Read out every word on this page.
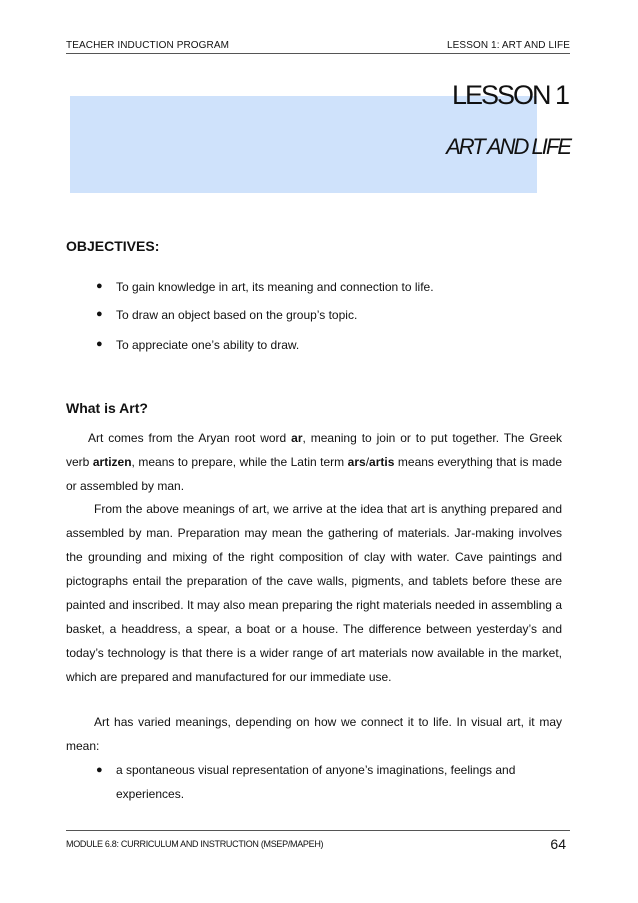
TEACHER INDUCTION PROGRAM	LESSON 1: ART AND LIFE
LESSON 1
ART AND LIFE
OBJECTIVES:
●	To gain knowledge in art, its meaning and connection to life.
●	To draw an object based on the group’s topic.
●	To appreciate one’s ability to draw.
What is Art?
Art comes from the Aryan root word ar, meaning to join or to put together. The Greek verb artizen, means to prepare, while the Latin term ars/artis means everything that is made or assembled by man.
From the above meanings of art, we arrive at the idea that art is anything prepared and assembled by man. Preparation may mean the gathering of materials. Jar-making involves the grounding and mixing of the right composition of clay with water. Cave paintings and pictographs entail the preparation of the cave walls, pigments, and tablets before these are painted and inscribed. It may also mean preparing the right materials needed in assembling a basket, a headdress, a spear, a boat or a house. The difference between yesterday’s and today’s technology is that there is a wider range of art materials now available in the market, which are prepared and manufactured for our immediate use.
Art has varied meanings, depending on how we connect it to life. In visual art, it may mean:
●	a spontaneous visual representation of anyone’s imaginations, feelings and experiences.
MODULE 6.8: CURRICULUM AND INSTRUCTION (MSEP/MAPEH)	64
